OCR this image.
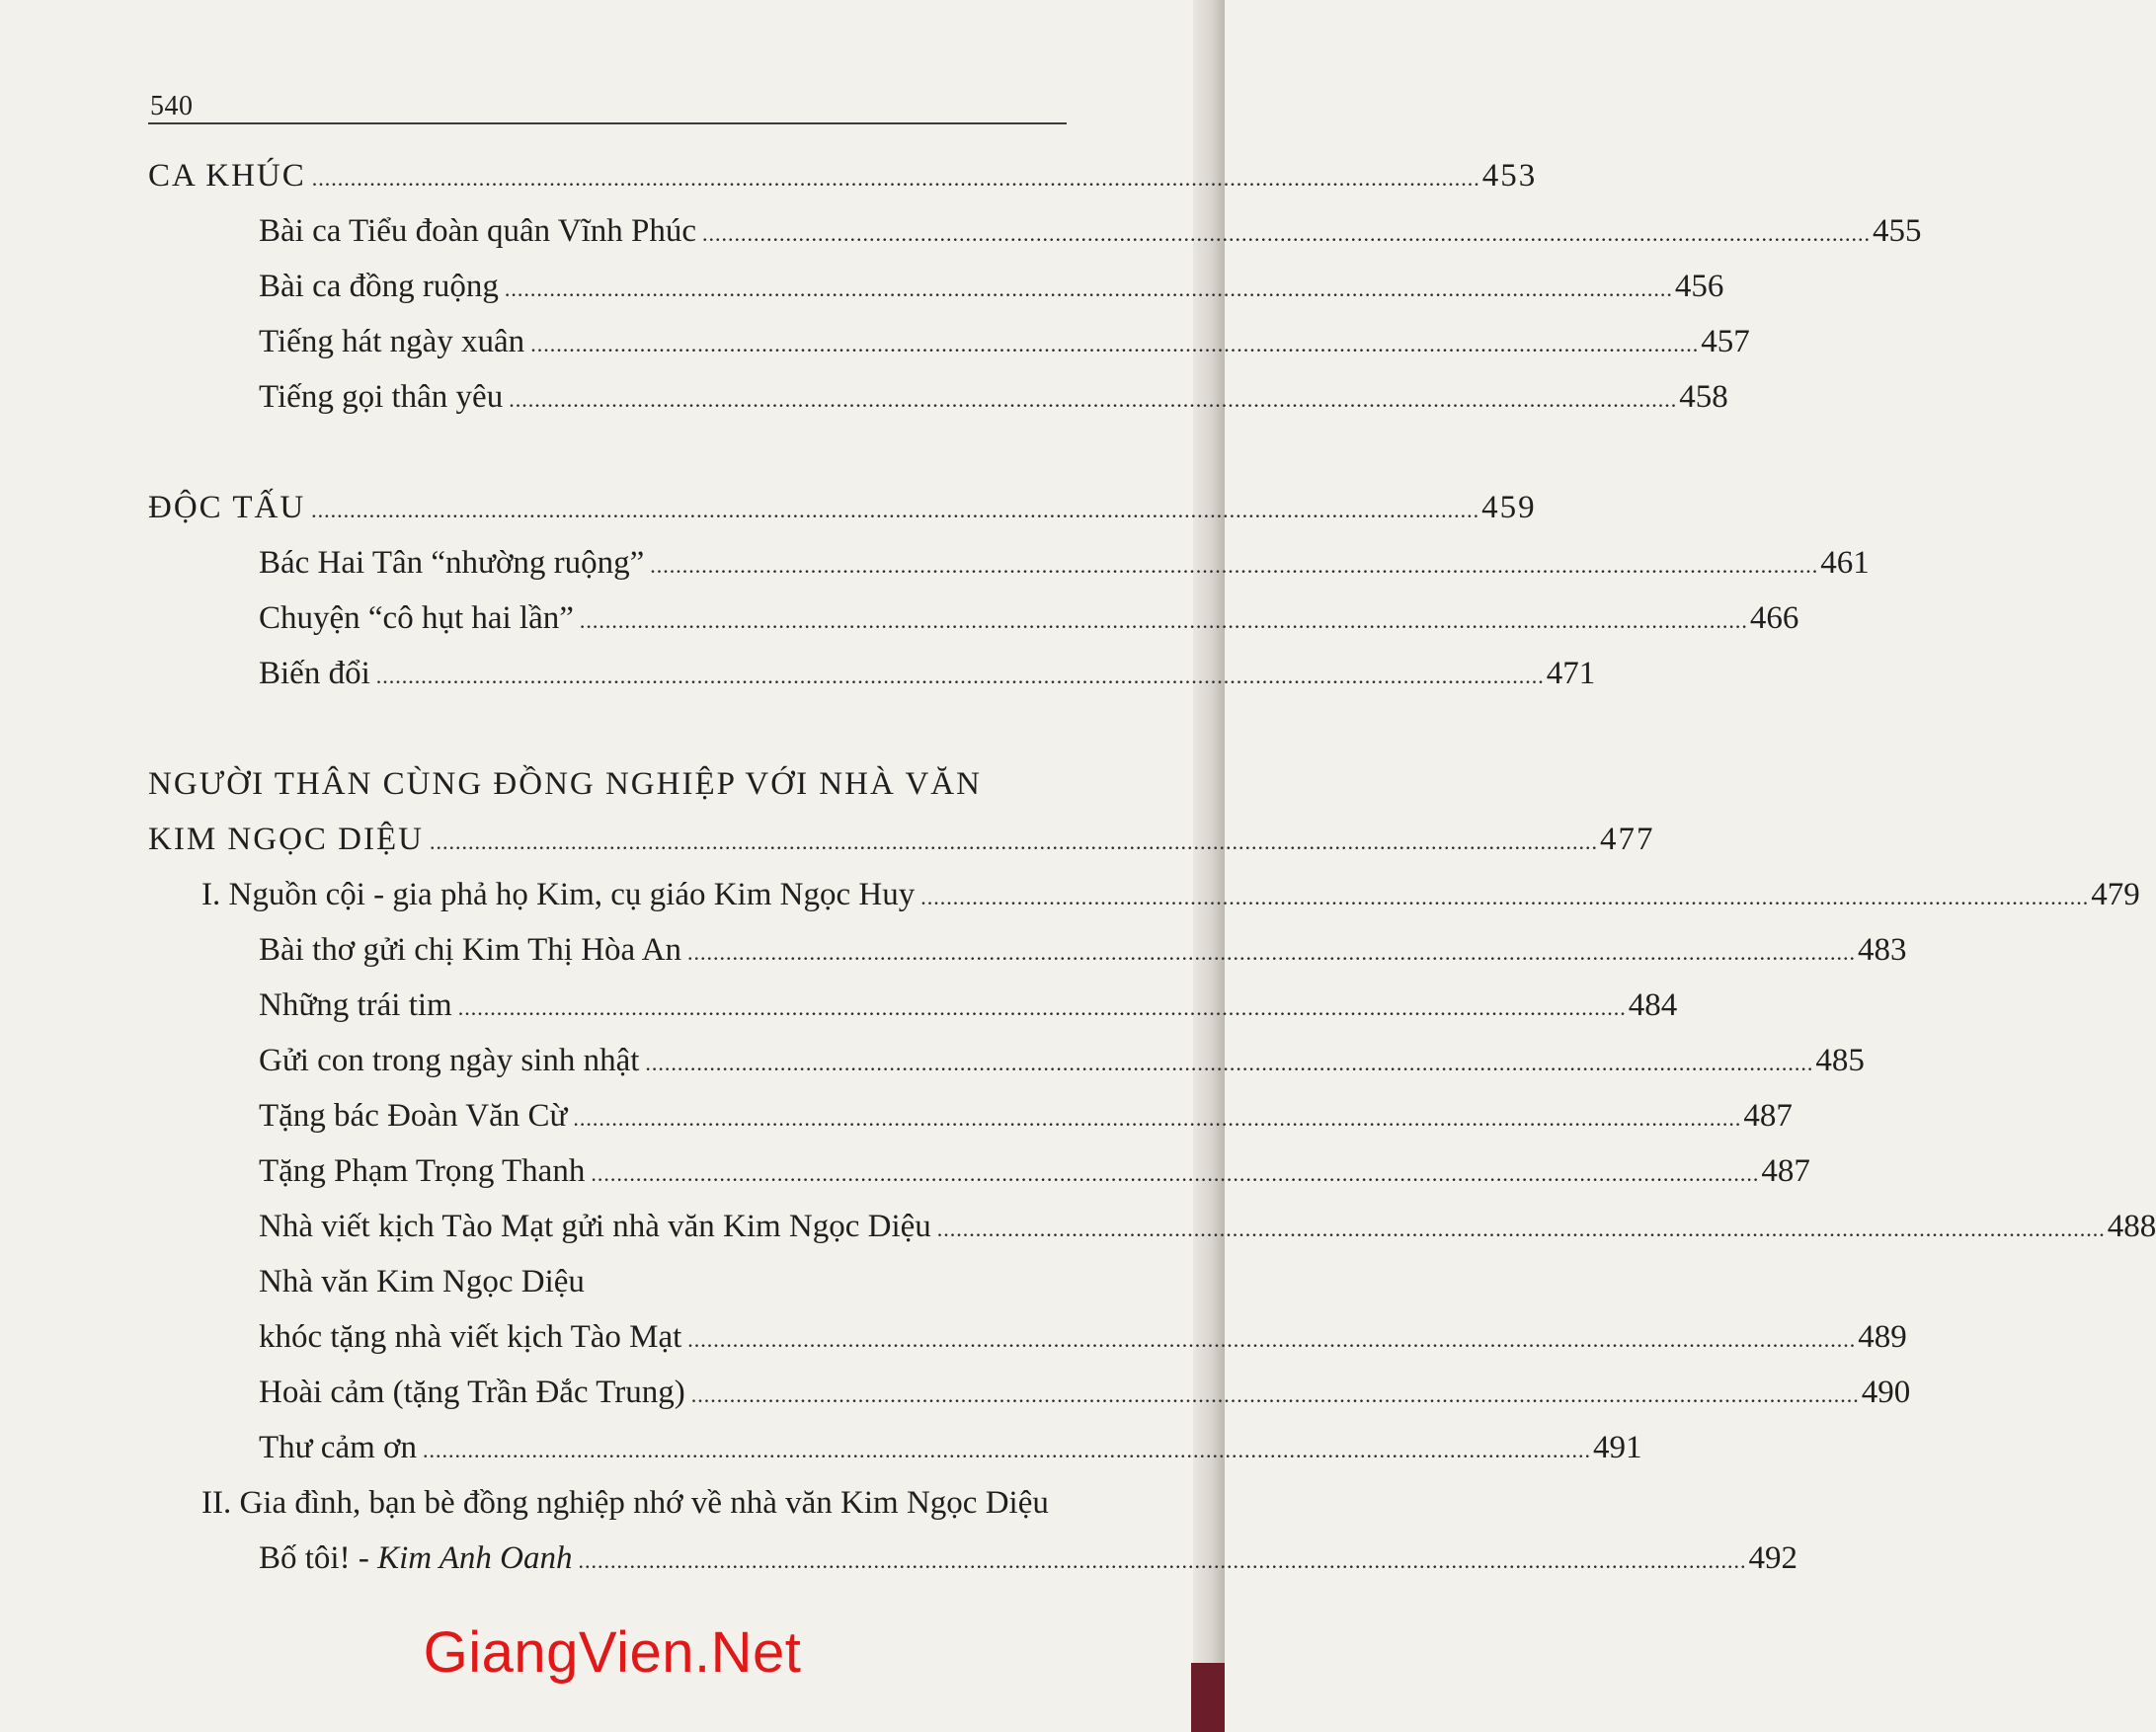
540
CA KHÚC ...................................................................................................................................................................................... 453
Bài ca Tiểu đoàn quân Vĩnh Phúc ...................................................................................................................................................................................... 455
Bài ca đồng ruộng ...................................................................................................................................................................................... 456
Tiếng hát ngày xuân ...................................................................................................................................................................................... 457
Tiếng gọi thân yêu ...................................................................................................................................................................................... 458
ĐỘC TẤU ...................................................................................................................................................................................... 459
Bác Hai Tân “nhường ruộng” ...................................................................................................................................................................................... 461
Chuyện “cô hụt hai lần” ...................................................................................................................................................................................... 466
Biến đổi ...................................................................................................................................................................................... 471
NGƯỜI THÂN CÙNG ĐỒNG NGHIỆP VỚI NHÀ VĂN
KIM NGỌC DIỆU ...................................................................................................................................................................................... 477
I. Nguồn cội - gia phả họ Kim, cụ giáo Kim Ngọc Huy ...................................................................................................................................................................................... 479
Bài thơ gửi chị Kim Thị Hòa An ...................................................................................................................................................................................... 483
Những trái tim ...................................................................................................................................................................................... 484
Gửi con trong ngày sinh nhật ...................................................................................................................................................................................... 485
Tặng bác Đoàn Văn Cừ ...................................................................................................................................................................................... 487
Tặng Phạm Trọng Thanh ...................................................................................................................................................................................... 487
Nhà viết kịch Tào Mạt gửi nhà văn Kim Ngọc Diệu ...................................................................................................................................................................................... 488
Nhà văn Kim Ngọc Diệu
khóc tặng nhà viết kịch Tào Mạt ...................................................................................................................................................................................... 489
Hoài cảm (tặng Trần Đắc Trung) ...................................................................................................................................................................................... 490
Thư cảm ơn ...................................................................................................................................................................................... 491
II. Gia đình, bạn bè đồng nghiệp nhớ về nhà văn Kim Ngọc Diệu
Bố tôi! - Kim Anh Oanh ...................................................................................................................................................................................... 492
GiangVien.Net
